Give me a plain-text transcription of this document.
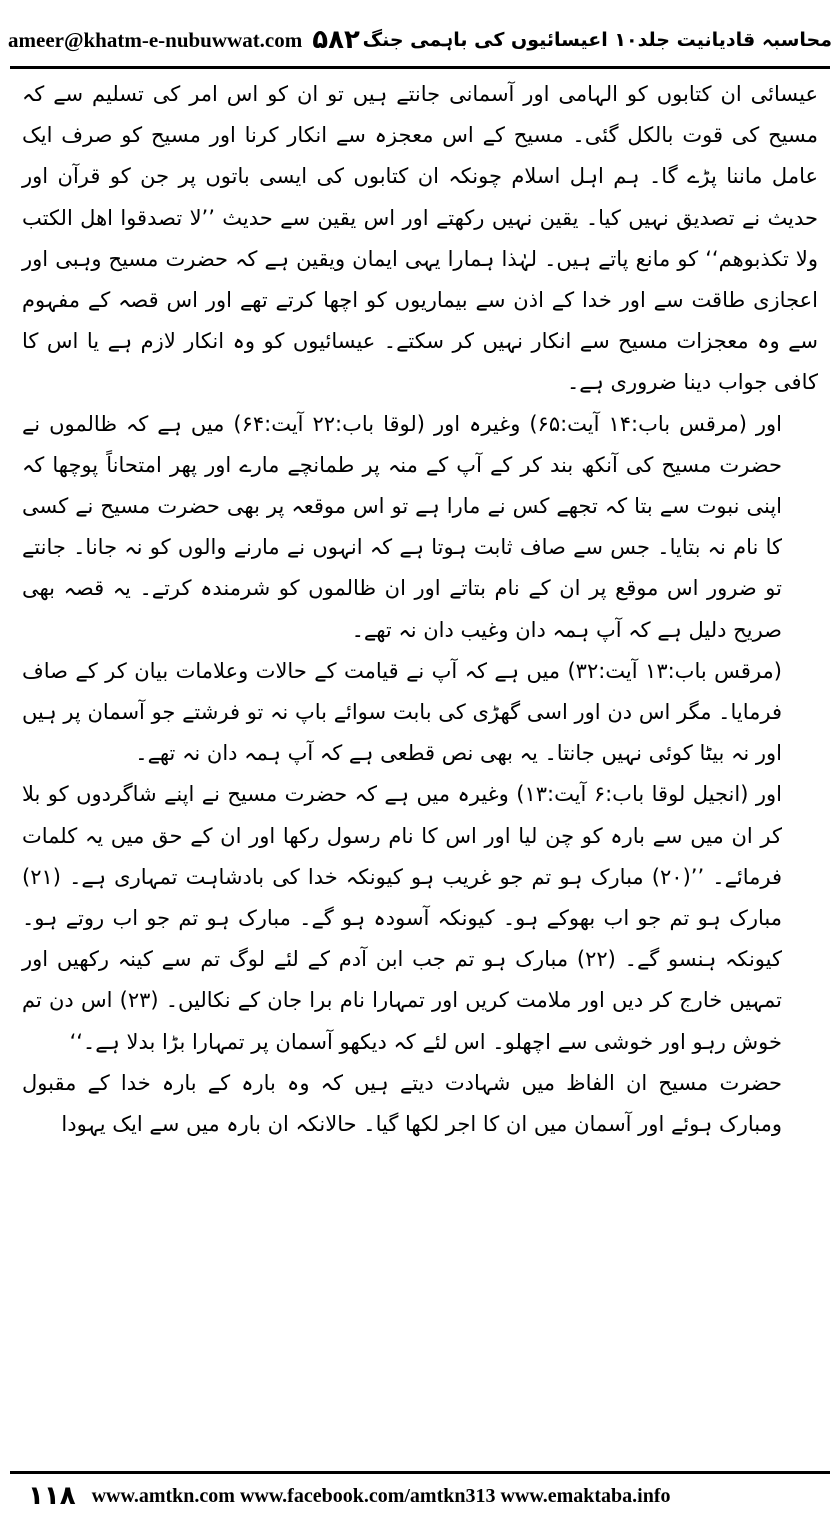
ameer@khatm-e-nubuwwat.com ۵۸۲ محاسبہ قادیانیت جلد۱۰ اعیسائیوں کی باہمی جنگ

عیسائی ان کتابوں کو الہامی اور آسمانی جانتے ہیں تو ان کو اس امر کی تسلیم سے کہ مسیح کی قوت بالکل گئی۔ مسیح کے اس معجزہ سے انکار کرنا اور مسیح کو صرف ایک عامل ماننا پڑے گا۔ ہم اہل اسلام چونکہ ان کتابوں کی ایسی باتوں پر جن کو قرآن اور حدیث نے تصدیق نہیں کیا۔ یقین نہیں رکھتے اور اس یقین سے حدیث ’’لا تصدقوا اهل الكتب ولا تكذبوهم‘‘ کو مانع پاتے ہیں۔ لہٰذا ہمارا یہی ایمان ویقین ہے کہ حضرت مسیح وہبی اور اعجازی طاقت سے اور خدا کے اذن سے بیماریوں کو اچھا کرتے تھے اور اس قصہ کے مفہوم سے وہ معجزات مسیح سے انکار نہیں کر سکتے۔ عیسائیوں کو وہ انکار لازم ہے یا اس کا کافی جواب دینا ضروری ہے۔

اور (مرقس باب:۱۴ آیت:۶۵) وغیرہ اور (لوقا باب:۲۲ آیت:۶۴) میں ہے کہ ظالموں نے حضرت مسیح کی آنکھ بند کر کے آپ کے منہ پر طمانچے مارے اور پھر امتحاناً پوچھا کہ اپنی نبوت سے بتا کہ تجھے کس نے مارا ہے تو اس موقعہ پر بھی حضرت مسیح نے کسی کا نام نہ بتایا۔ جس سے صاف ثابت ہوتا ہے کہ انہوں نے مارنے والوں کو نہ جانا۔ جانتے تو ضرور اس موقع پر ان کے نام بتاتے اور ان ظالموں کو شرمندہ کرتے۔ یہ قصہ بھی صریح دلیل ہے کہ آپ ہمہ دان وغیب دان نہ تھے۔

(مرقس باب:۱۳ آیت:۳۲) میں ہے کہ آپ نے قیامت کے حالات وعلامات بیان کر کے صاف فرمایا۔ مگر اس دن اور اسی گھڑی کی بابت سوائے باپ نہ تو فرشتے جو آسمان پر ہیں اور نہ بیٹا کوئی نہیں جانتا۔ یہ بھی نص قطعی ہے کہ آپ ہمہ دان نہ تھے۔

اور (انجیل لوقا باب:۶ آیت:۱۳) وغیرہ میں ہے کہ حضرت مسیح نے اپنے شاگردوں کو بلا کر ان میں سے بارہ کو چن لیا اور اس کا نام رسول رکھا اور ان کے حق میں یہ کلمات فرمائے۔ ’’(۲۰) مبارک ہو تم جو غریب ہو کیونکہ خدا کی بادشاہت تمہاری ہے۔ (۲۱) مبارک ہو تم جو اب بھوکے ہو۔ کیونکہ آسودہ ہو گے۔ مبارک ہو تم جو اب روتے ہو۔ کیونکہ ہنسو گے۔ (۲۲) مبارک ہو تم جب ابن آدم کے لئے لوگ تم سے کینہ رکھیں اور تمہیں خارج کر دیں اور ملامت کریں اور تمہارا نام برا جان کے نکالیں۔ (۲۳) اس دن تم خوش رہو اور خوشی سے اچھلو۔ اس لئے کہ دیکھو آسمان پر تمہارا بڑا بدلا ہے۔‘‘

حضرت مسیح ان الفاظ میں شہادت دیتے ہیں کہ وہ بارہ کے بارہ خدا کے مقبول ومبارک ہوئے اور آسمان میں ان کا اجر لکھا گیا۔ حالانکہ ان بارہ میں سے ایک یہودا

۱۱۸ www.amtkn.com www.facebook.com/amtkn313 www.emaktaba.info
